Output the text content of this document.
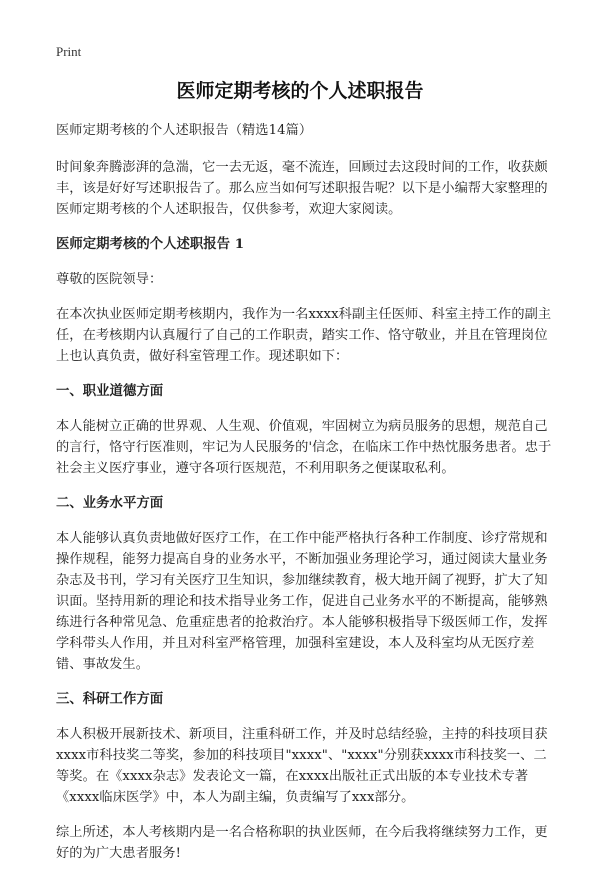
Print
医师定期考核的个人述职报告

医师定期考核的个人述职报告（精选14篇）

时间象奔腾澎湃的急湍，它一去无返，毫不流连，回顾过去这段时间的工作，收获颇丰，该是好好写述职报告了。那么应当如何写述职报告呢？以下是小编帮大家整理的医师定期考核的个人述职报告，仅供参考，欢迎大家阅读。

医师定期考核的个人述职报告 1

尊敬的医院领导：

在本次执业医师定期考核期内，我作为一名xxxx科副主任医师、科室主持工作的副主任，在考核期内认真履行了自己的工作职责，踏实工作、恪守敬业，并且在管理岗位上也认真负责，做好科室管理工作。现述职如下：

一、职业道德方面

本人能树立正确的世界观、人生观、价值观，牢固树立为病员服务的思想，规范自己的言行，恪守行医准则，牢记为人民服务的'信念，在临床工作中热忱服务患者。忠于社会主义医疗事业，遵守各项行医规范，不利用职务之便谋取私利。

二、业务水平方面

本人能够认真负责地做好医疗工作，在工作中能严格执行各种工作制度、诊疗常规和操作规程，能努力提高自身的业务水平，不断加强业务理论学习，通过阅读大量业务杂志及书刊，学习有关医疗卫生知识，参加继续教育，极大地开阔了视野，扩大了知识面。坚持用新的理论和技术指导业务工作，促进自己业务水平的不断提高，能够熟练进行各种常见急、危重症患者的抢救治疗。本人能够积极指导下级医师工作，发挥学科带头人作用，并且对科室严格管理，加强科室建设，本人及科室均从无医疗差错、事故发生。

三、科研工作方面

本人积极开展新技术、新项目，注重科研工作，并及时总结经验，主持的科技项目获xxxx市科技奖二等奖，参加的科技项目"xxxx"、"xxxx"分别获xxxx市科技奖一、二等奖。在《xxxx杂志》发表论文一篇，在xxxx出版社正式出版的本专业技术专著《xxxx临床医学》中，本人为副主编，负责编写了xxx部分。

综上所述，本人考核期内是一名合格称职的执业医师，在今后我将继续努力工作，更好的为广大患者服务!
